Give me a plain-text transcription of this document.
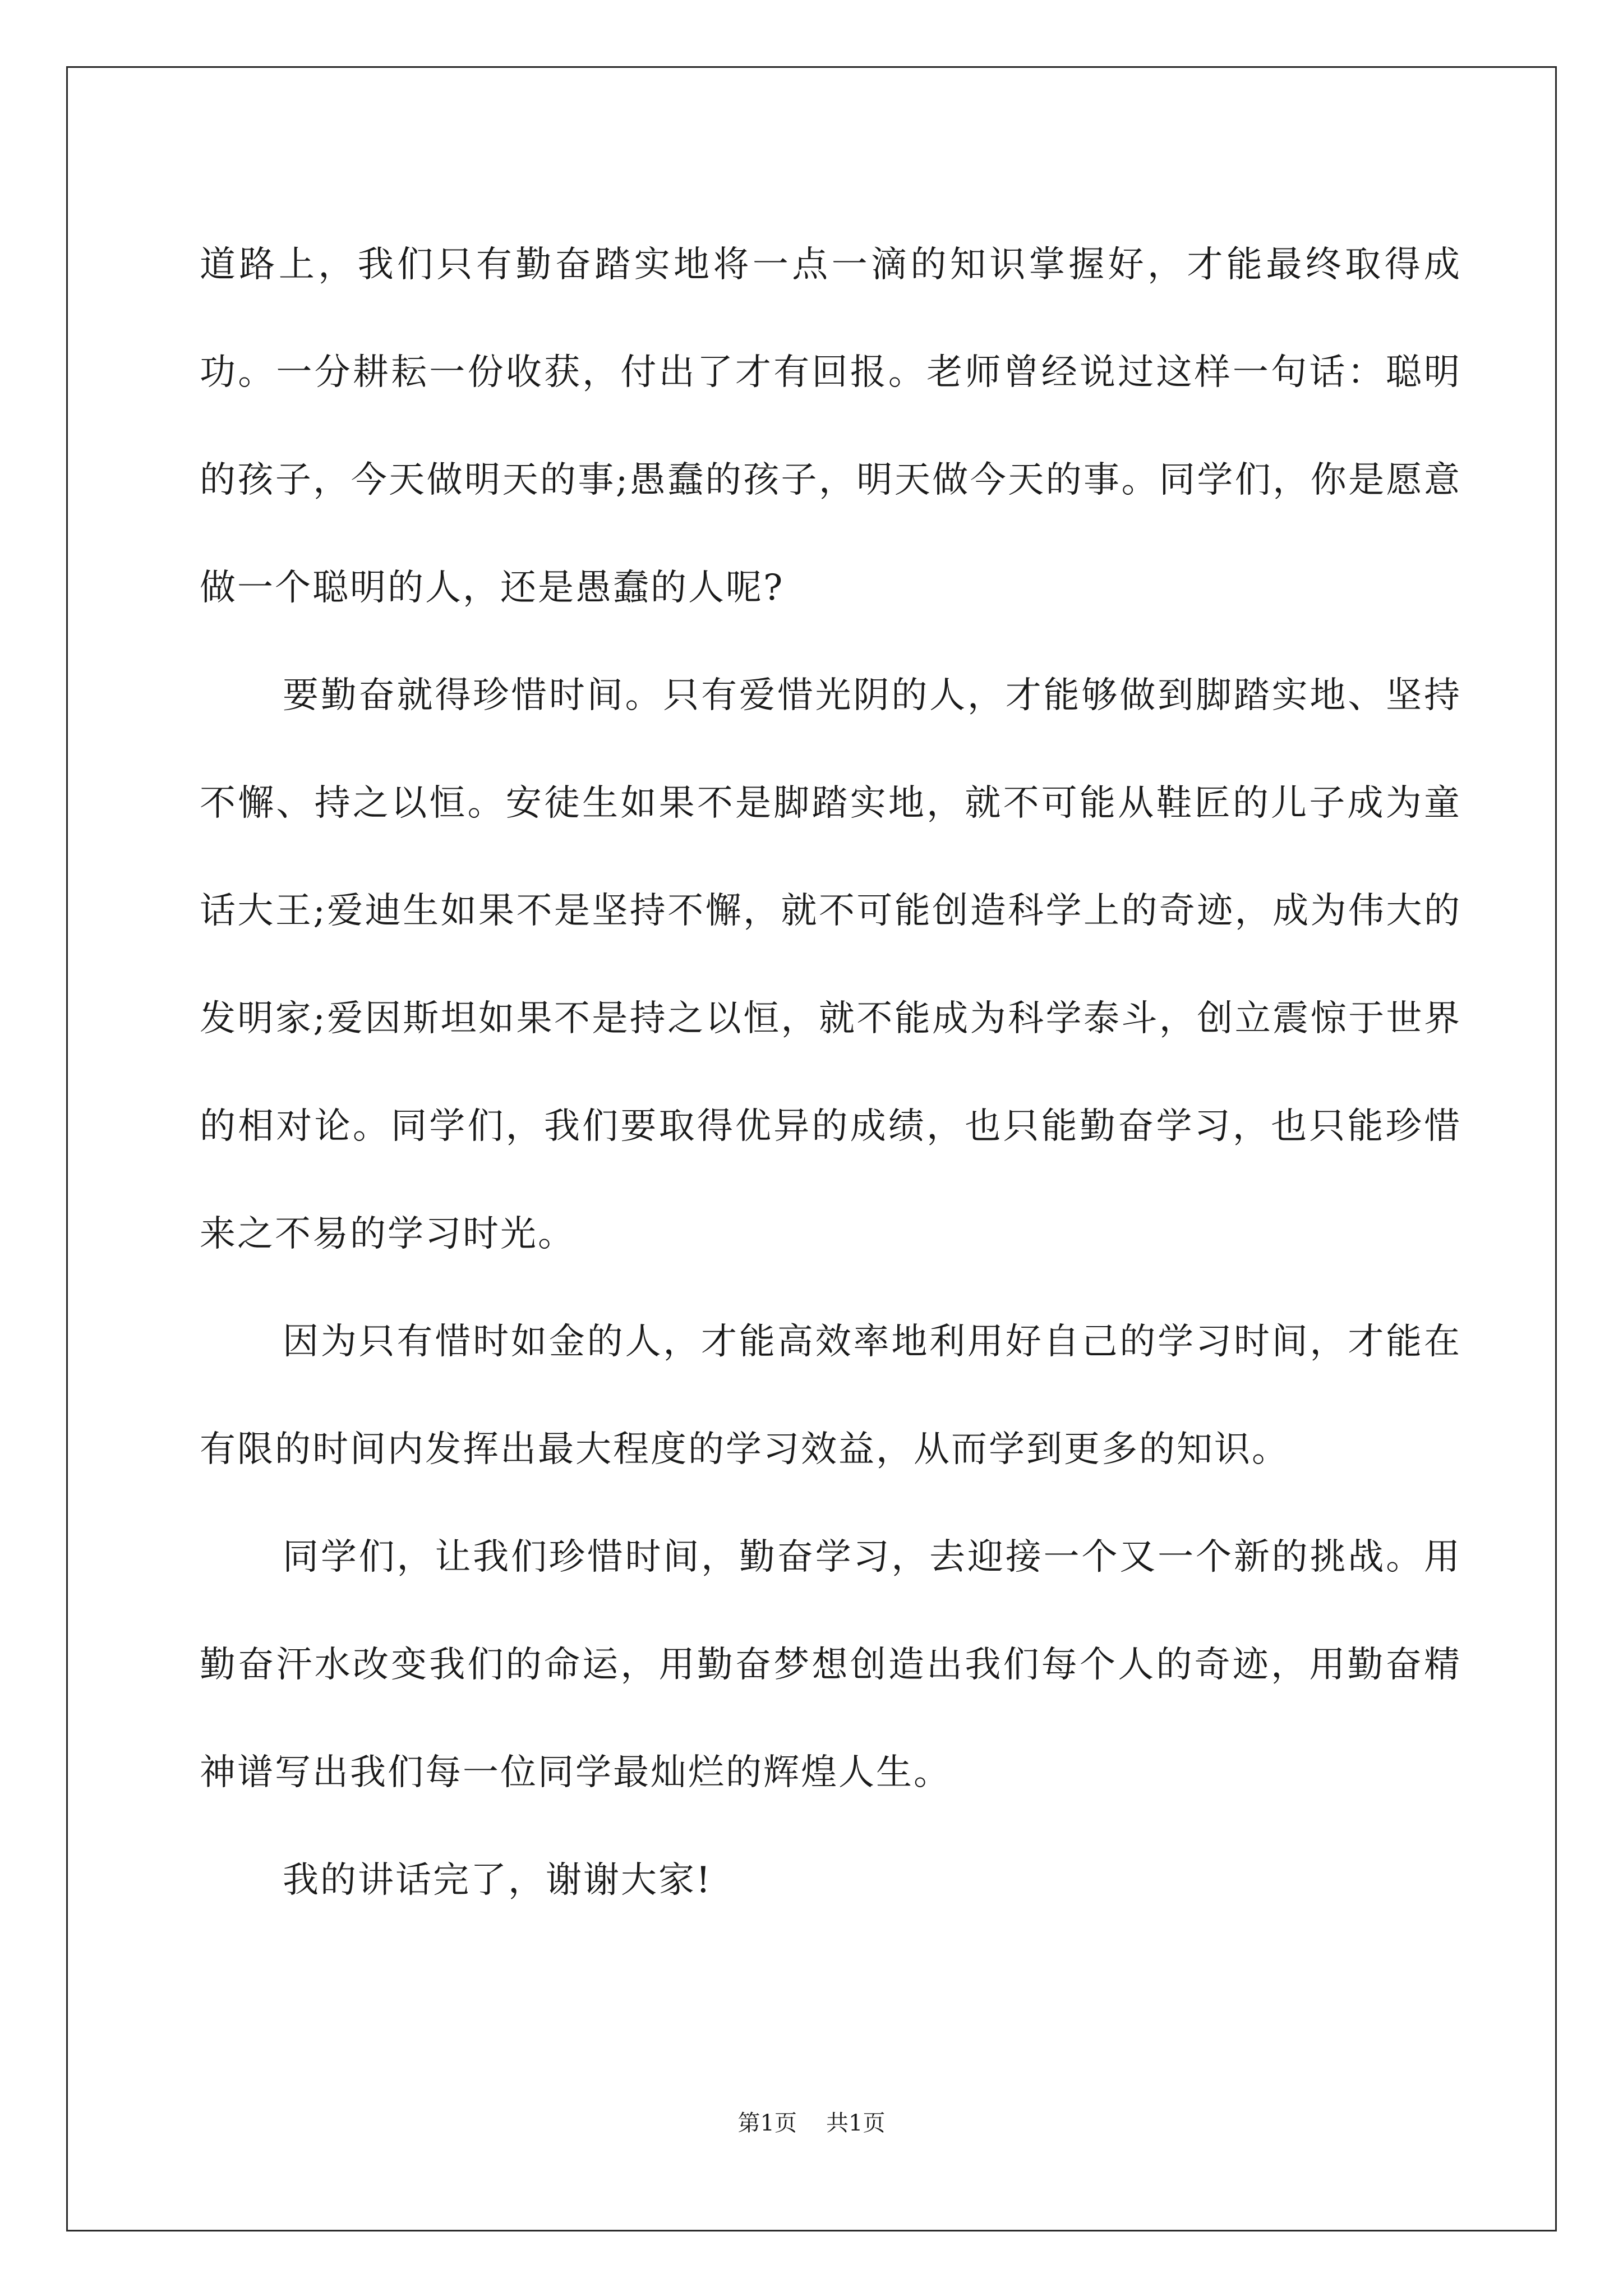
道路上，我们只有勤奋踏实地将一点一滴的知识掌握好，才能最终取得成功。一分耕耘一份收获，付出了才有回报。老师曾经说过这样一句话：聪明的孩子，今天做明天的事;愚蠢的孩子，明天做今天的事。同学们，你是愿意做一个聪明的人，还是愚蠢的人呢?

要勤奋就得珍惜时间。只有爱惜光阴的人，才能够做到脚踏实地、坚持不懈、持之以恒。安徒生如果不是脚踏实地，就不可能从鞋匠的儿子成为童话大王;爱迪生如果不是坚持不懈，就不可能创造科学上的奇迹，成为伟大的发明家;爱因斯坦如果不是持之以恒，就不能成为科学泰斗，创立震惊于世界的相对论。同学们，我们要取得优异的成绩，也只能勤奋学习，也只能珍惜来之不易的学习时光。

因为只有惜时如金的人，才能高效率地利用好自己的学习时间，才能在有限的时间内发挥出最大程度的学习效益，从而学到更多的知识。

同学们，让我们珍惜时间，勤奋学习，去迎接一个又一个新的挑战。用勤奋汗水改变我们的命运，用勤奋梦想创造出我们每个人的奇迹，用勤奋精神谱写出我们每一位同学最灿烂的辉煌人生。

我的讲话完了，谢谢大家!

第1页 共1页
